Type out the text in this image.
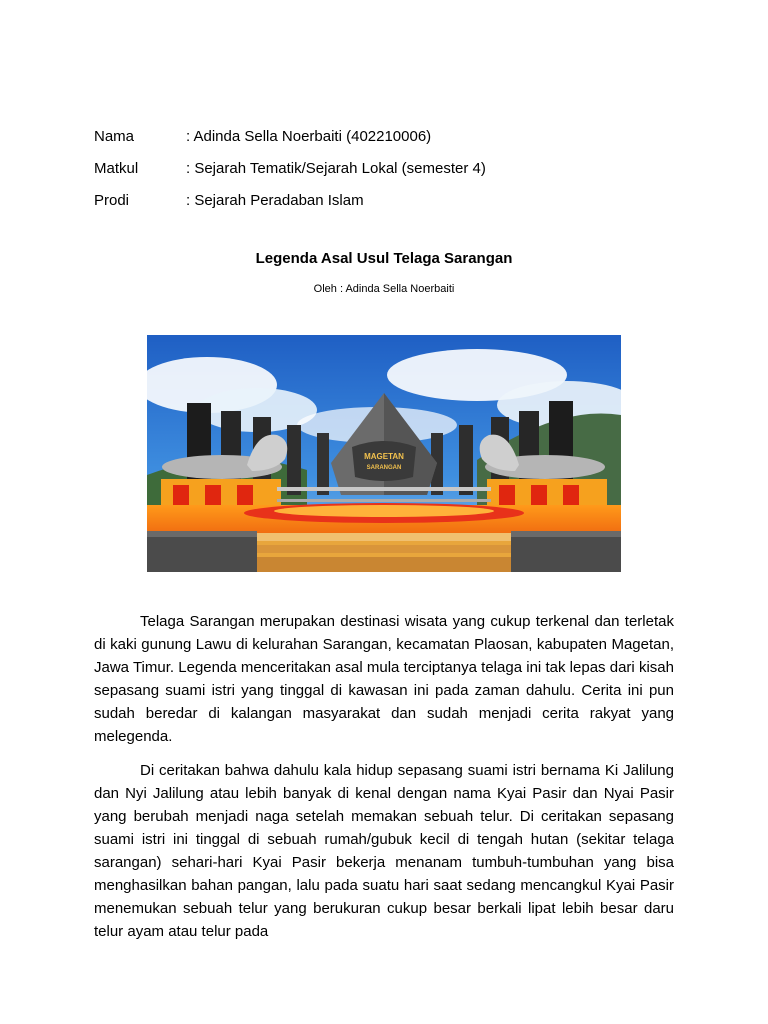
Nama	: Adinda Sella Noerbaiti (402210006)
Matkul	: Sejarah Tematik/Sejarah Lokal (semester 4)
Prodi	: Sejarah Peradaban Islam
Legenda Asal Usul Telaga Sarangan
Oleh : Adinda Sella Noerbaiti
MAGETAN
SARANGAN

Telaga Sarangan merupakan destinasi wisata yang cukup terkenal dan terletak di kaki gunung Lawu di kelurahan Sarangan, kecamatan Plaosan, kabupaten Magetan, Jawa Timur. Legenda menceritakan asal mula terciptanya telaga ini tak lepas dari kisah sepasang suami istri yang tinggal di kawasan ini pada zaman dahulu. Cerita ini pun sudah beredar di kalangan masyarakat dan sudah menjadi cerita rakyat yang melegenda.

Di ceritakan bahwa dahulu kala hidup sepasang suami istri bernama Ki Jalilung dan Nyi Jalilung atau lebih banyak di kenal dengan nama Kyai Pasir dan Nyai Pasir yang berubah menjadi naga setelah memakan sebuah telur. Di ceritakan sepasang suami istri ini tinggal di sebuah rumah/gubuk kecil di tengah hutan (sekitar telaga sarangan) sehari-hari Kyai Pasir bekerja menanam tumbuh-tumbuhan yang bisa menghasilkan bahan pangan, lalu pada suatu hari saat sedang mencangkul Kyai Pasir menemukan sebuah telur yang berukuran cukup besar berkali lipat lebih besar daru telur ayam atau telur pada
